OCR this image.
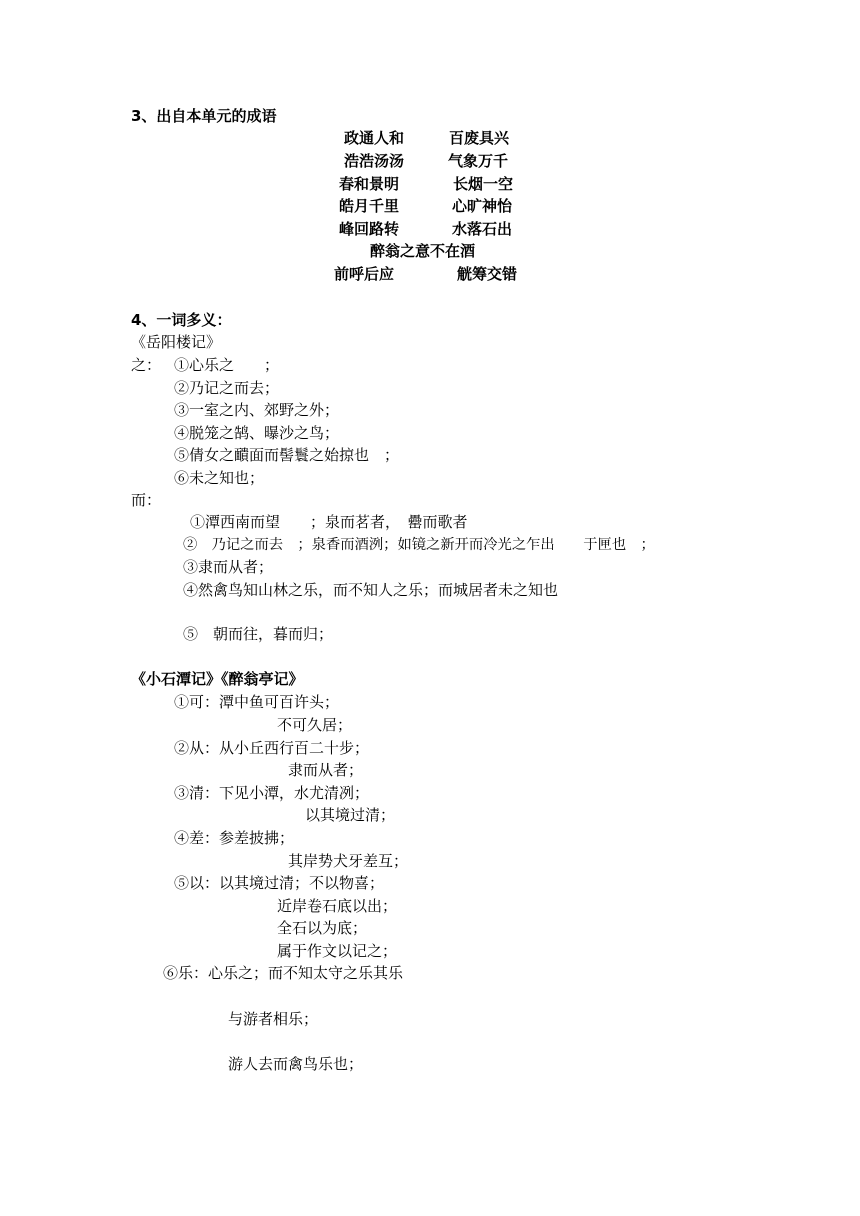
3、出自本单元的成语
政通人和	百废具兴
浩浩汤汤	气象万千
春和景明	长烟一空
皓月千里	心旷神怡
峰回路转	水落石出
醉翁之意不在酒
前呼后应	觥筹交错
4、一词多义：
《岳阳楼记》
之： ①心乐之　　；
②乃记之而去；
③一室之内、郊野之外；
④脱笼之鹄、曝沙之鸟；
⑤倩女之靧面而髻鬟之始掠也　；
⑥未之知也；
而：
①潭西南而望　　；泉而茗者，　罍而歌者
②　乃记之而去　；泉香而酒洌；如镜之新开而冷光之乍出　　于匣也　；
③隶而从者；
④然禽鸟知山林之乐，而不知人之乐；而城居者未之知也
⑤　朝而往，暮而归；
《小石潭记》《醉翁亭记》
①可：潭中鱼可百许头；
不可久居；
②从：从小丘西行百二十步；
隶而从者；
③清：下见小潭，水尤清冽；
以其境过清；
④差：参差披拂；
其岸势犬牙差互；
⑤以：以其境过清；不以物喜；
近岸卷石底以出；
全石以为底；
属于作文以记之；
⑥乐：心乐之；而不知太守之乐其乐
与游者相乐；
游人去而禽鸟乐也；
